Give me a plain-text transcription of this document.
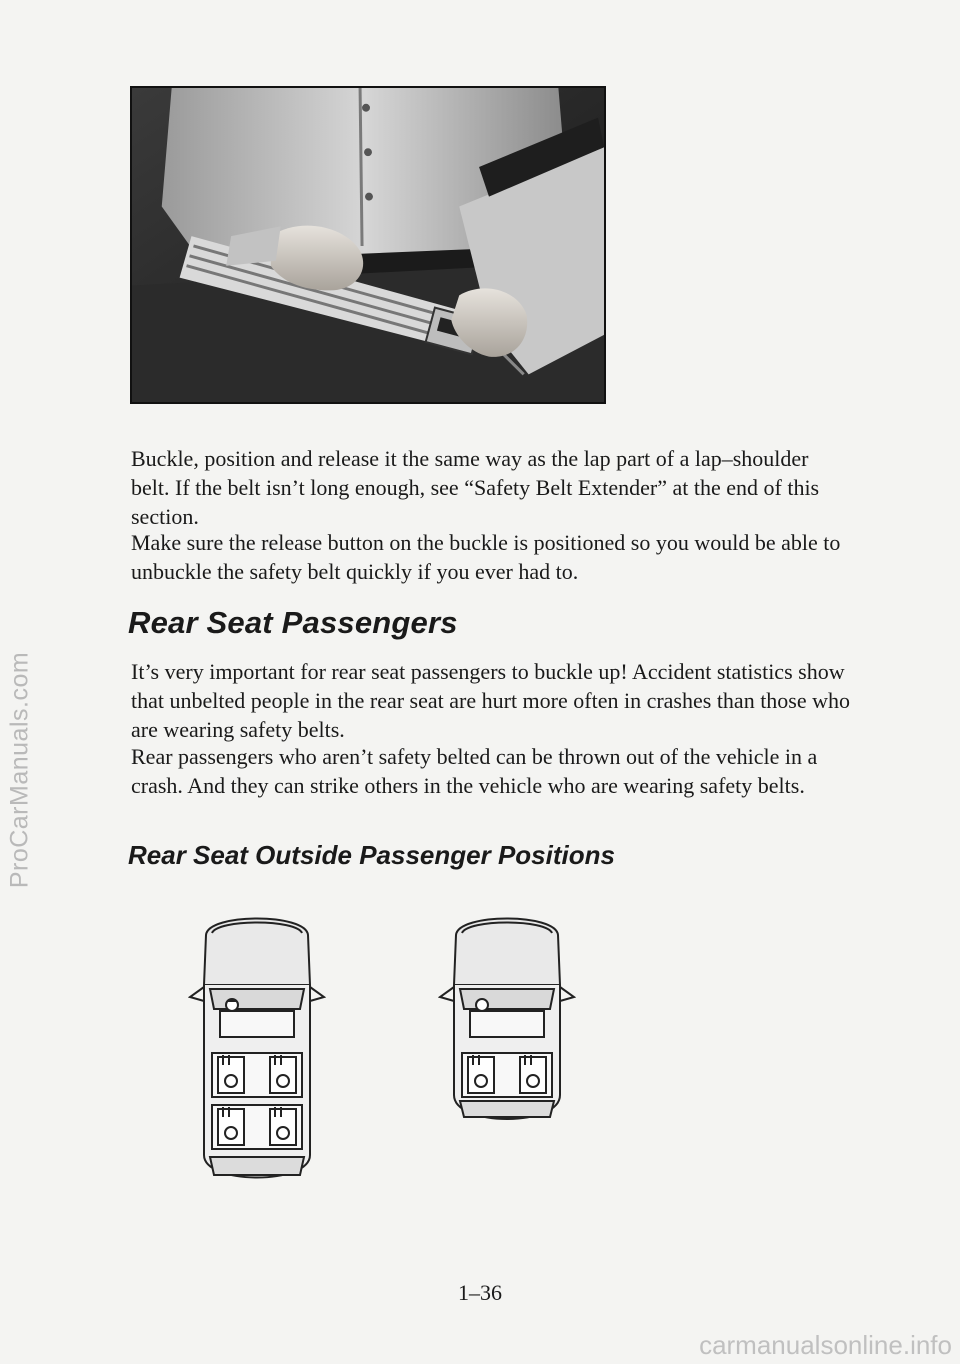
Buckle, position and release it the same way as the lap part of a lap–shoulder belt. If the belt isn’t long enough, see “Safety Belt Extender” at the end of this section.

Make sure the release button on the buckle is positioned so you would be able to unbuckle the safety belt quickly if you ever had to.

Rear Seat Passengers

It’s very important for rear seat passengers to buckle up! Accident statistics show that unbelted people in the rear seat are hurt more often in crashes than those who are wearing safety belts.

Rear passengers who aren’t safety belted can be thrown out of the vehicle in a crash. And they can strike others in the vehicle who are wearing safety belts.

Rear Seat Outside Passenger Positions
1–36
ProCarManuals.com
carmanualsonline.info
